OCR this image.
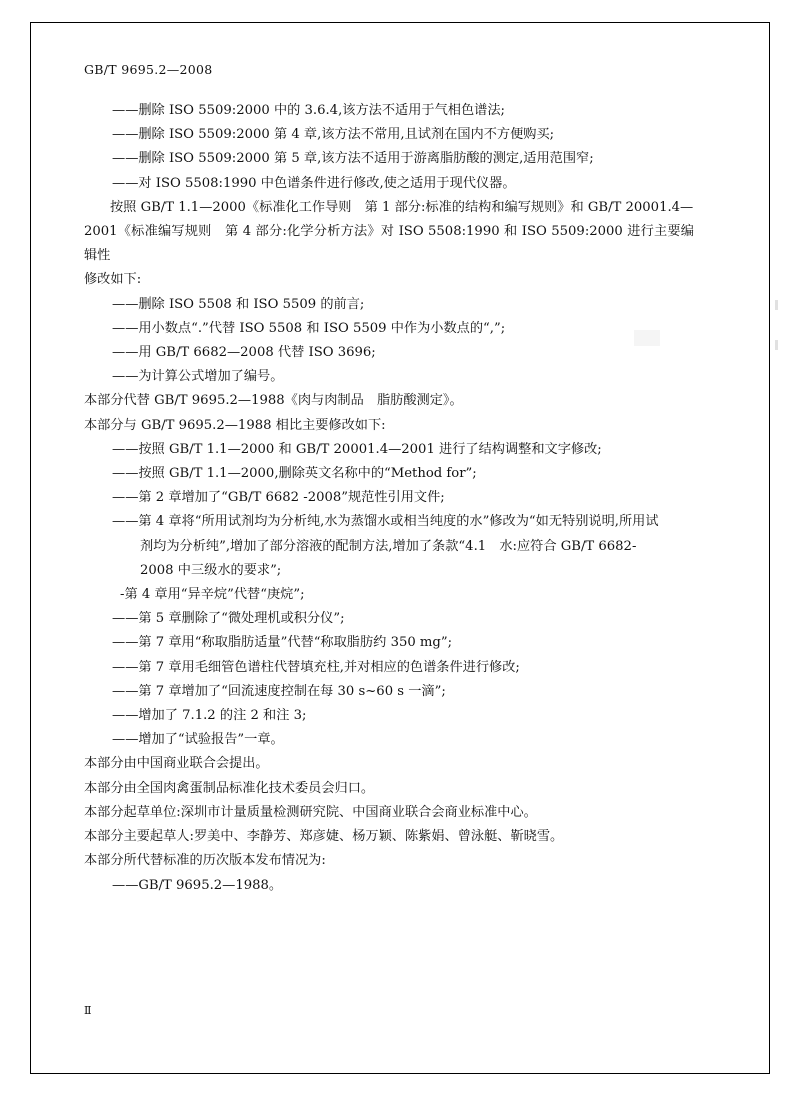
GB/T 9695.2—2008
——删除 ISO 5509:2000 中的 3.6.4,该方法不适用于气相色谱法;
——删除 ISO 5509:2000 第 4 章,该方法不常用,且试剂在国内不方便购买;
——删除 ISO 5509:2000 第 5 章,该方法不适用于游离脂肪酸的测定,适用范围窄;
——对 ISO 5508:1990 中色谱条件进行修改,使之适用于现代仪器。
按照 GB/T 1.1—2000《标准化工作导则　第 1 部分:标准的结构和编写规则》和 GB/T 20001.4—
2001《标准编写规则　第 4 部分:化学分析方法》对 ISO 5508:1990 和 ISO 5509:2000 进行主要编辑性
修改如下:
——删除 ISO 5508 和 ISO 5509 的前言;
——用小数点“.”代替 ISO 5508 和 ISO 5509 中作为小数点的“,”;
——用 GB/T 6682—2008 代替 ISO 3696;
——为计算公式增加了编号。
本部分代替 GB/T 9695.2—1988《肉与肉制品　脂肪酸测定》。
本部分与 GB/T 9695.2—1988 相比主要修改如下:
——按照 GB/T 1.1—2000 和 GB/T 20001.4—2001 进行了结构调整和文字修改;
——按照 GB/T 1.1—2000,删除英文名称中的“Method for”;
——第 2 章增加了“GB/T 6682 -2008”规范性引用文件;
——第 4 章将“所用试剂均为分析纯,水为蒸馏水或相当纯度的水”修改为“如无特别说明,所用试
剂均为分析纯”,增加了部分溶液的配制方法,增加了条款“4.1　水:应符合 GB/T 6682-
2008 中三级水的要求”;
-第 4 章用“异辛烷”代替“庚烷”;
——第 5 章删除了“微处理机或积分仪”;
——第 7 章用“称取脂肪适量”代替“称取脂肪约 350 mg”;
——第 7 章用毛细管色谱柱代替填充柱,并对相应的色谱条件进行修改;
——第 7 章增加了“回流速度控制在每 30 s~60 s 一滴”;
——增加了 7.1.2 的注 2 和注 3;
——增加了“试验报告”一章。
本部分由中国商业联合会提出。
本部分由全国肉禽蛋制品标准化技术委员会归口。
本部分起草单位:深圳市计量质量检测研究院、中国商业联合会商业标准中心。
本部分主要起草人:罗美中、李静芳、郑彦婕、杨万颖、陈紫娟、曾泳艇、靳晓雪。
本部分所代替标准的历次版本发布情况为:
——GB/T 9695.2—1988。
Ⅱ
